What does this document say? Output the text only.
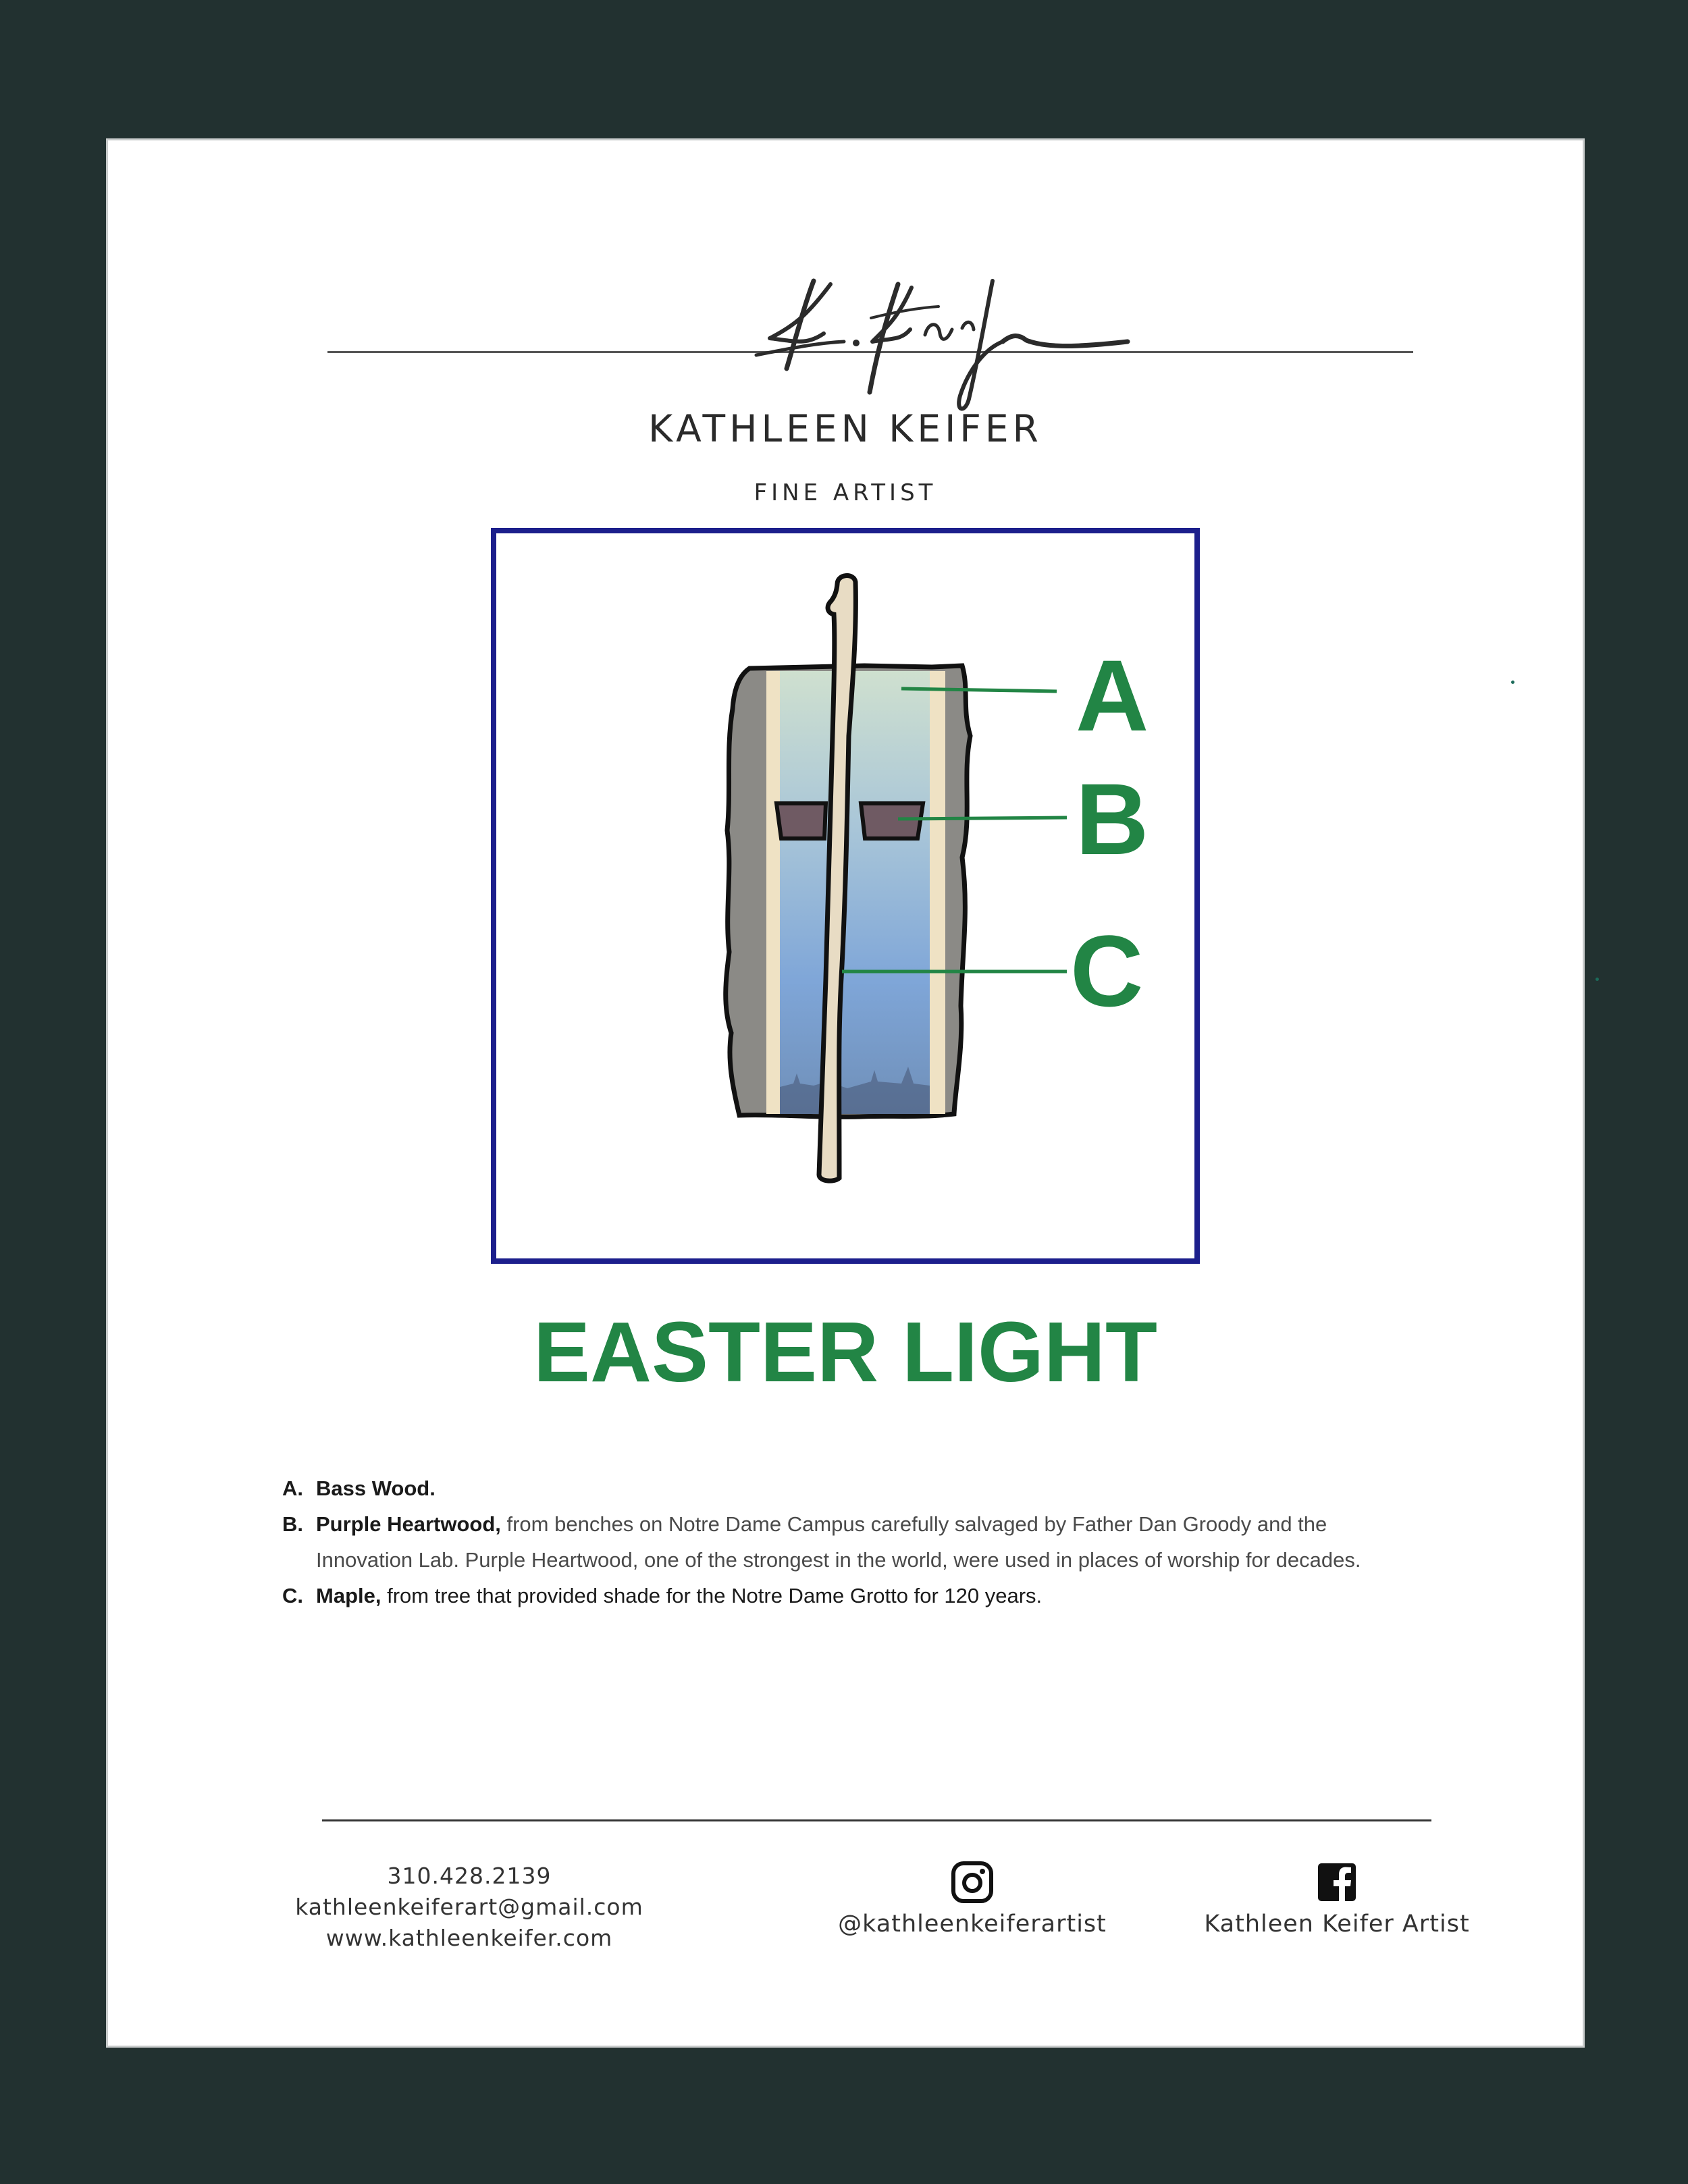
KATHLEEN KEIFER
FINE ARTIST
A
B
C
EASTER LIGHT
A. Bass Wood.
B. Purple Heartwood, from benches on Notre Dame Campus carefully salvaged by Father Dan Groody and the Innovation Lab. Purple Heartwood, one of the strongest in the world, were used in places of worship for decades.
C. Maple, from tree that provided shade for the Notre Dame Grotto for 120 years.
310.428.2139
kathleenkeiferart@gmail.com
www.kathleenkeifer.com
@kathleenkeiferartist	Kathleen Keifer Artist
